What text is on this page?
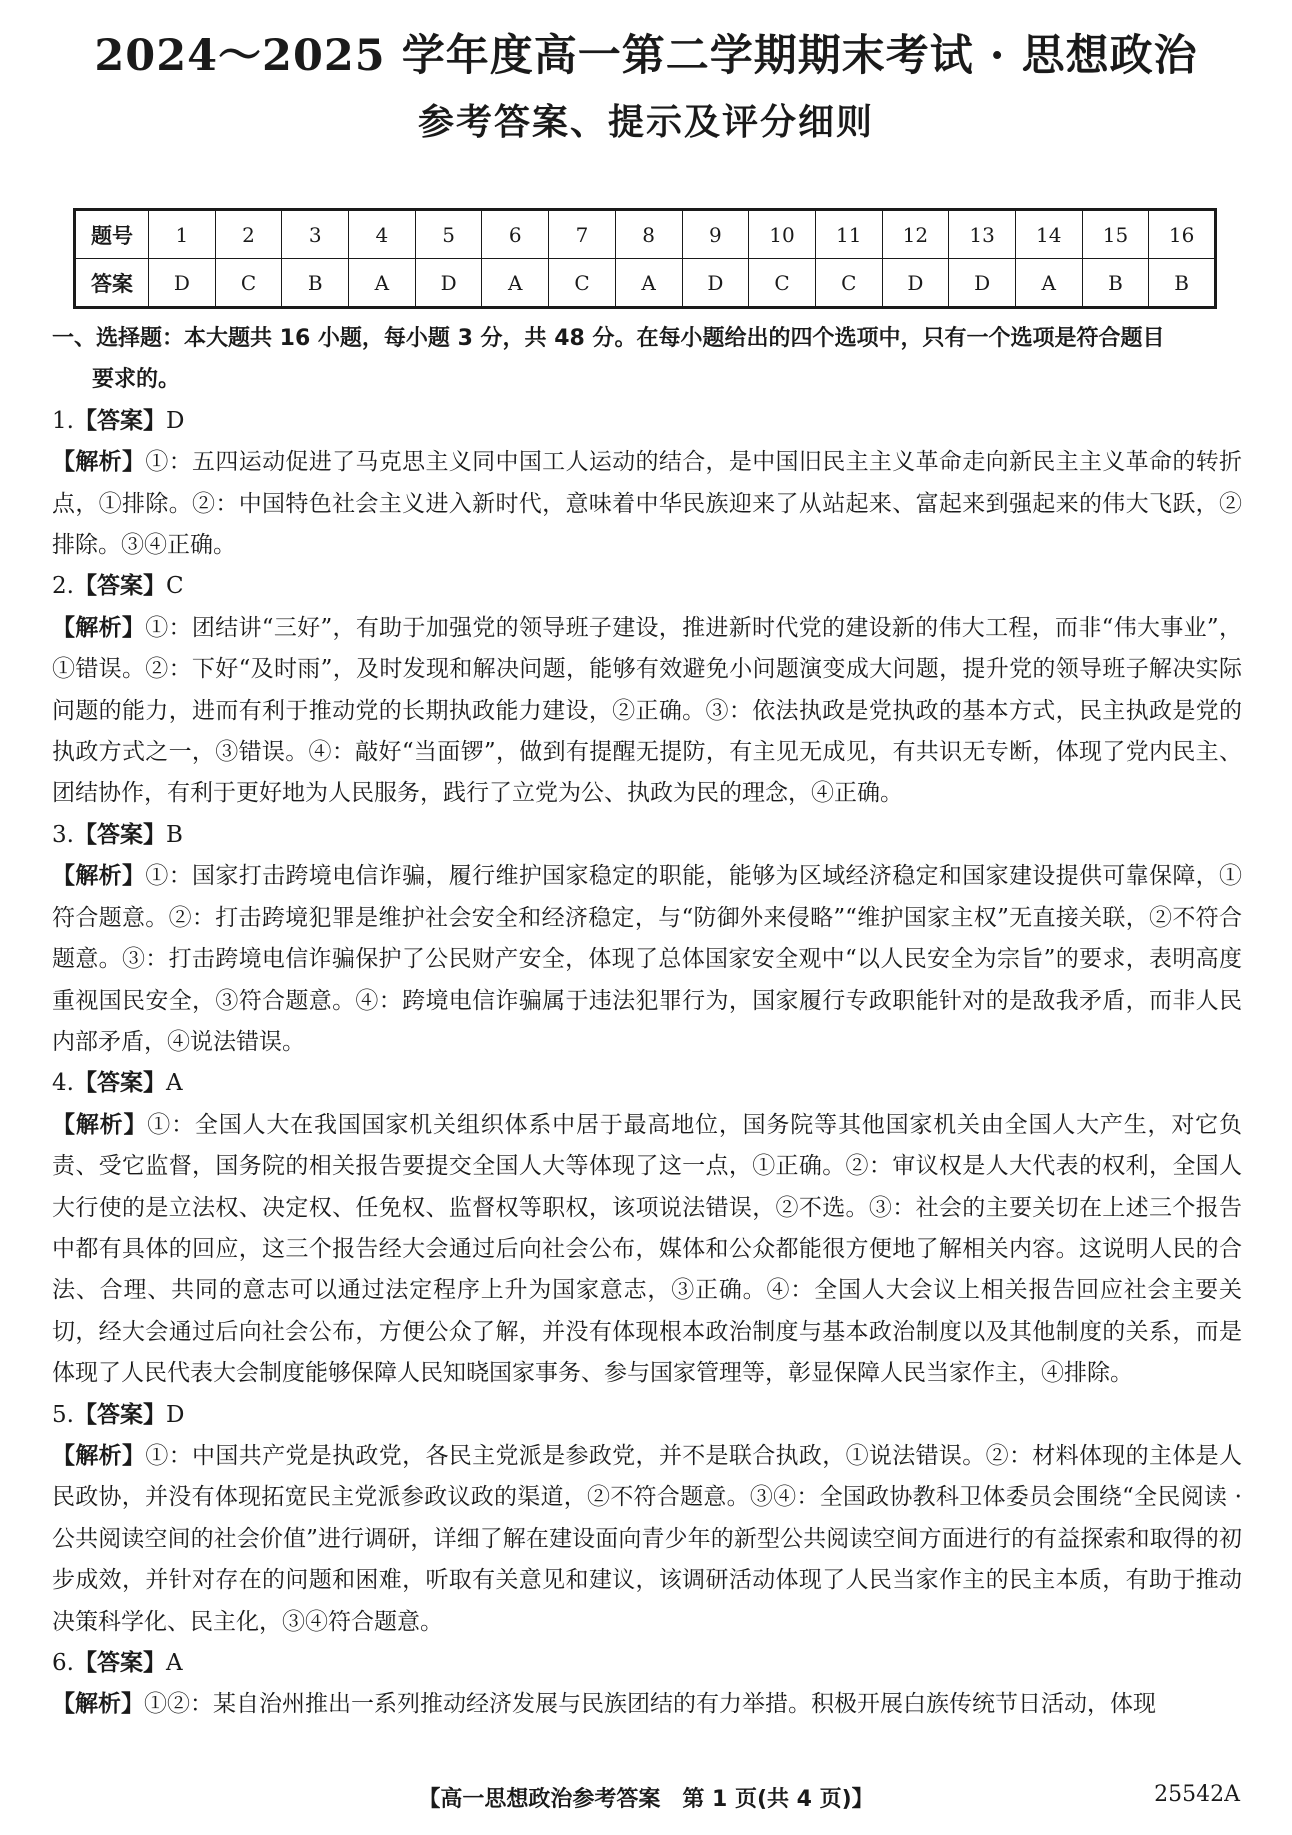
2024～2025 学年度高一第二学期期末考试 · 思想政治
参考答案、提示及评分细则
题号	1	2	3	4	5	6	7	8	9	10	11	12	13	14	15	16
答案	D	C	B	A	D	A	C	A	D	C	C	D	D	A	B	B
一、选择题：本大题共 16 小题，每小题 3 分，共 48 分。在每小题给出的四个选项中，只有一个选项是符合题目
要求的。
1.【答案】D
【解析】①：五四运动促进了马克思主义同中国工人运动的结合，是中国旧民主主义革命走向新民主主义革命的转折点，①排除。②：中国特色社会主义进入新时代，意味着中华民族迎来了从站起来、富起来到强起来的伟大飞跃，②排除。③④正确。
2.【答案】C
【解析】①：团结讲“三好”，有助于加强党的领导班子建设，推进新时代党的建设新的伟大工程，而非“伟大事业”，①错误。②：下好“及时雨”，及时发现和解决问题，能够有效避免小问题演变成大问题，提升党的领导班子解决实际问题的能力，进而有利于推动党的长期执政能力建设，②正确。③：依法执政是党执政的基本方式，民主执政是党的执政方式之一，③错误。④：敲好“当面锣”，做到有提醒无提防，有主见无成见，有共识无专断，体现了党内民主、团结协作，有利于更好地为人民服务，践行了立党为公、执政为民的理念，④正确。
3.【答案】B
【解析】①：国家打击跨境电信诈骗，履行维护国家稳定的职能，能够为区域经济稳定和国家建设提供可靠保障，①符合题意。②：打击跨境犯罪是维护社会安全和经济稳定，与“防御外来侵略”“维护国家主权”无直接关联，②不符合题意。③：打击跨境电信诈骗保护了公民财产安全，体现了总体国家安全观中“以人民安全为宗旨”的要求，表明高度重视国民安全，③符合题意。④：跨境电信诈骗属于违法犯罪行为，国家履行专政职能针对的是敌我矛盾，而非人民内部矛盾，④说法错误。
4.【答案】A
【解析】①：全国人大在我国国家机关组织体系中居于最高地位，国务院等其他国家机关由全国人大产生，对它负责、受它监督，国务院的相关报告要提交全国人大等体现了这一点，①正确。②：审议权是人大代表的权利，全国人大行使的是立法权、决定权、任免权、监督权等职权，该项说法错误，②不选。③：社会的主要关切在上述三个报告中都有具体的回应，这三个报告经大会通过后向社会公布，媒体和公众都能很方便地了解相关内容。这说明人民的合法、合理、共同的意志可以通过法定程序上升为国家意志，③正确。④：全国人大会议上相关报告回应社会主要关切，经大会通过后向社会公布，方便公众了解，并没有体现根本政治制度与基本政治制度以及其他制度的关系，而是体现了人民代表大会制度能够保障人民知晓国家事务、参与国家管理等，彰显保障人民当家作主，④排除。
5.【答案】D
【解析】①：中国共产党是执政党，各民主党派是参政党，并不是联合执政，①说法错误。②：材料体现的主体是人民政协，并没有体现拓宽民主党派参政议政的渠道，②不符合题意。③④：全国政协教科卫体委员会围绕“全民阅读 · 公共阅读空间的社会价值”进行调研，详细了解在建设面向青少年的新型公共阅读空间方面进行的有益探索和取得的初步成效，并针对存在的问题和困难，听取有关意见和建议，该调研活动体现了人民当家作主的民主本质，有助于推动决策科学化、民主化，③④符合题意。
6.【答案】A
【解析】①②：某自治州推出一系列推动经济发展与民族团结的有力举措。积极开展白族传统节日活动，体现
【高一思想政治参考答案　第 1 页(共 4 页)】	25542A
